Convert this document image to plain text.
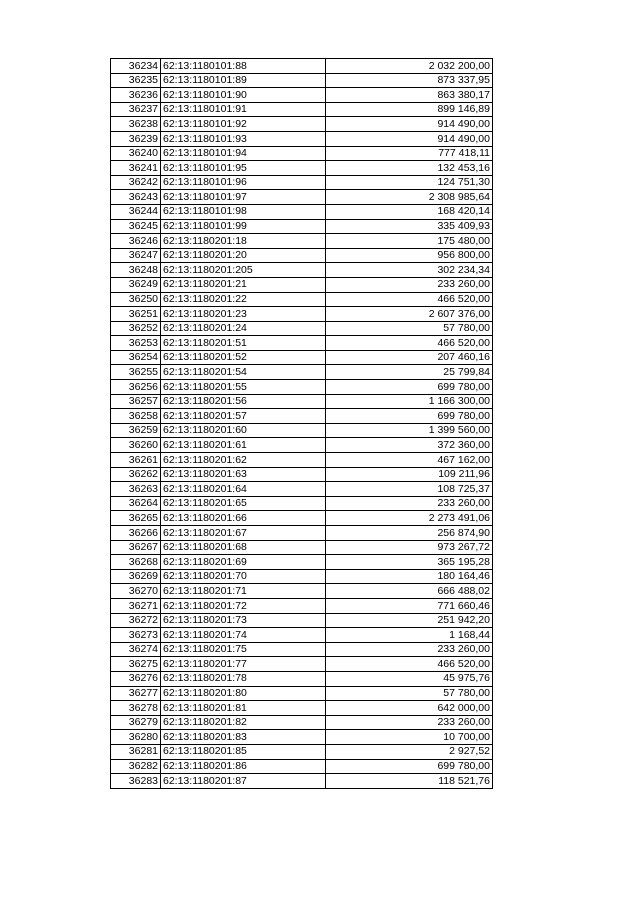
36234	62:13:1180101:88	2 032 200,00
36235	62:13:1180101:89	873 337,95
36236	62:13:1180101:90	863 380,17
36237	62:13:1180101:91	899 146,89
36238	62:13:1180101:92	914 490,00
36239	62:13:1180101:93	914 490,00
36240	62:13:1180101:94	777 418,11
36241	62:13:1180101:95	132 453,16
36242	62:13:1180101:96	124 751,30
36243	62:13:1180101:97	2 308 985,64
36244	62:13:1180101:98	168 420,14
36245	62:13:1180101:99	335 409,93
36246	62:13:1180201:18	175 480,00
36247	62:13:1180201:20	956 800,00
36248	62:13:1180201:205	302 234,34
36249	62:13:1180201:21	233 260,00
36250	62:13:1180201:22	466 520,00
36251	62:13:1180201:23	2 607 376,00
36252	62:13:1180201:24	57 780,00
36253	62:13:1180201:51	466 520,00
36254	62:13:1180201:52	207 460,16
36255	62:13:1180201:54	25 799,84
36256	62:13:1180201:55	699 780,00
36257	62:13:1180201:56	1 166 300,00
36258	62:13:1180201:57	699 780,00
36259	62:13:1180201:60	1 399 560,00
36260	62:13:1180201:61	372 360,00
36261	62:13:1180201:62	467 162,00
36262	62:13:1180201:63	109 211,96
36263	62:13:1180201:64	108 725,37
36264	62:13:1180201:65	233 260,00
36265	62:13:1180201:66	2 273 491,06
36266	62:13:1180201:67	256 874,90
36267	62:13:1180201:68	973 267,72
36268	62:13:1180201:69	365 195,28
36269	62:13:1180201:70	180 164,46
36270	62:13:1180201:71	666 488,02
36271	62:13:1180201:72	771 660,46
36272	62:13:1180201:73	251 942,20
36273	62:13:1180201:74	1 168,44
36274	62:13:1180201:75	233 260,00
36275	62:13:1180201:77	466 520,00
36276	62:13:1180201:78	45 975,76
36277	62:13:1180201:80	57 780,00
36278	62:13:1180201:81	642 000,00
36279	62:13:1180201:82	233 260,00
36280	62:13:1180201:83	10 700,00
36281	62:13:1180201:85	2 927,52
36282	62:13:1180201:86	699 780,00
36283	62:13:1180201:87	118 521,76
